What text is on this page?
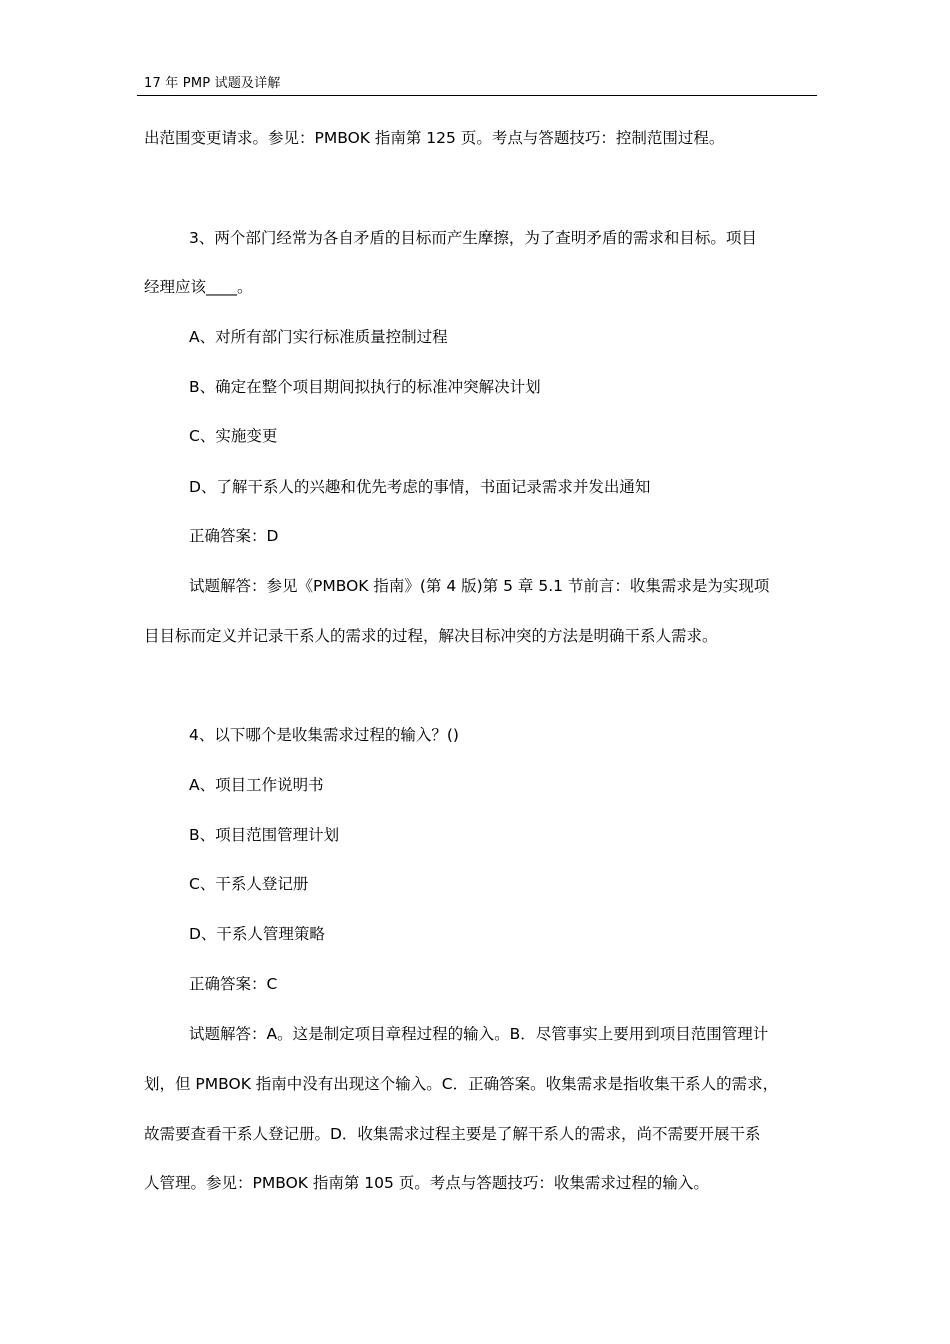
17 年 PMP 试题及详解
出范围变更请求。参见：PMBOK 指南第 125 页。考点与答题技巧：控制范围过程。
3、两个部门经常为各自矛盾的目标而产生摩擦，为了查明矛盾的需求和目标。项目
经理应该____。
A、对所有部门实行标准质量控制过程
B、确定在整个项目期间拟执行的标准冲突解决计划
C、实施变更
D、了解干系人的兴趣和优先考虑的事情，书面记录需求并发出通知
正确答案：D
试题解答：参见《PMBOK 指南》(第 4 版)第 5 章 5.1 节前言：收集需求是为实现项
目目标而定义并记录干系人的需求的过程，解决目标冲突的方法是明确干系人需求。
4、以下哪个是收集需求过程的输入？()
A、项目工作说明书
B、项目范围管理计划
C、干系人登记册
D、干系人管理策略
正确答案：C
试题解答：A。这是制定项目章程过程的输入。B．尽管事实上要用到项目范围管理计
划，但 PMBOK 指南中没有出现这个输入。C．正确答案。收集需求是指收集干系人的需求，
故需要查看干系人登记册。D．收集需求过程主要是了解干系人的需求，尚不需要开展干系
人管理。参见：PMBOK 指南第 105 页。考点与答题技巧：收集需求过程的输入。
